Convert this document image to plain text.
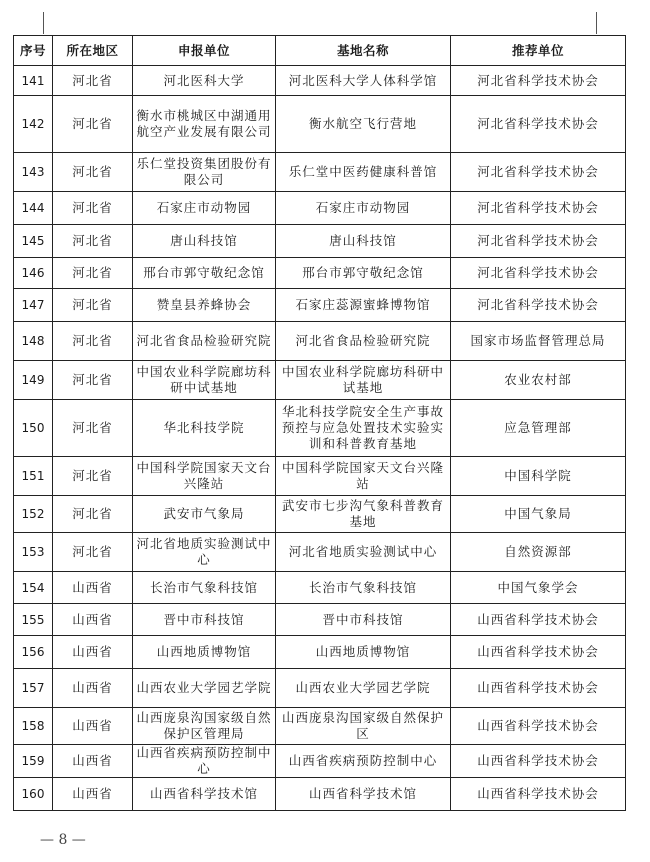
序号	所在地区	申报单位	基地名称	推荐单位
141	河北省	河北医科大学	河北医科大学人体科学馆	河北省科学技术协会
142	河北省	衡水市桃城区中湖通用航空产业发展有限公司	衡水航空飞行营地	河北省科学技术协会
143	河北省	乐仁堂投资集团股份有限公司	乐仁堂中医药健康科普馆	河北省科学技术协会
144	河北省	石家庄市动物园	石家庄市动物园	河北省科学技术协会
145	河北省	唐山科技馆	唐山科技馆	河北省科学技术协会
146	河北省	邢台市郭守敬纪念馆	邢台市郭守敬纪念馆	河北省科学技术协会
147	河北省	赞皇县养蜂协会	石家庄蕊源蜜蜂博物馆	河北省科学技术协会
148	河北省	河北省食品检验研究院	河北省食品检验研究院	国家市场监督管理总局
149	河北省	中国农业科学院廊坊科研中试基地	中国农业科学院廊坊科研中试基地	农业农村部
150	河北省	华北科技学院	华北科技学院安全生产事故预控与应急处置技术实验实训和科普教育基地	应急管理部
151	河北省	中国科学院国家天文台兴隆站	中国科学院国家天文台兴隆站	中国科学院
152	河北省	武安市气象局	武安市七步沟气象科普教育基地	中国气象局
153	河北省	河北省地质实验测试中心	河北省地质实验测试中心	自然资源部
154	山西省	长治市气象科技馆	长治市气象科技馆	中国气象学会
155	山西省	晋中市科技馆	晋中市科技馆	山西省科学技术协会
156	山西省	山西地质博物馆	山西地质博物馆	山西省科学技术协会
157	山西省	山西农业大学园艺学院	山西农业大学园艺学院	山西省科学技术协会
158	山西省	山西庞泉沟国家级自然保护区管理局	山西庞泉沟国家级自然保护区	山西省科学技术协会
159	山西省	山西省疾病预防控制中心	山西省疾病预防控制中心	山西省科学技术协会
160	山西省	山西省科学技术馆	山西省科学技术馆	山西省科学技术协会
— 8 —
